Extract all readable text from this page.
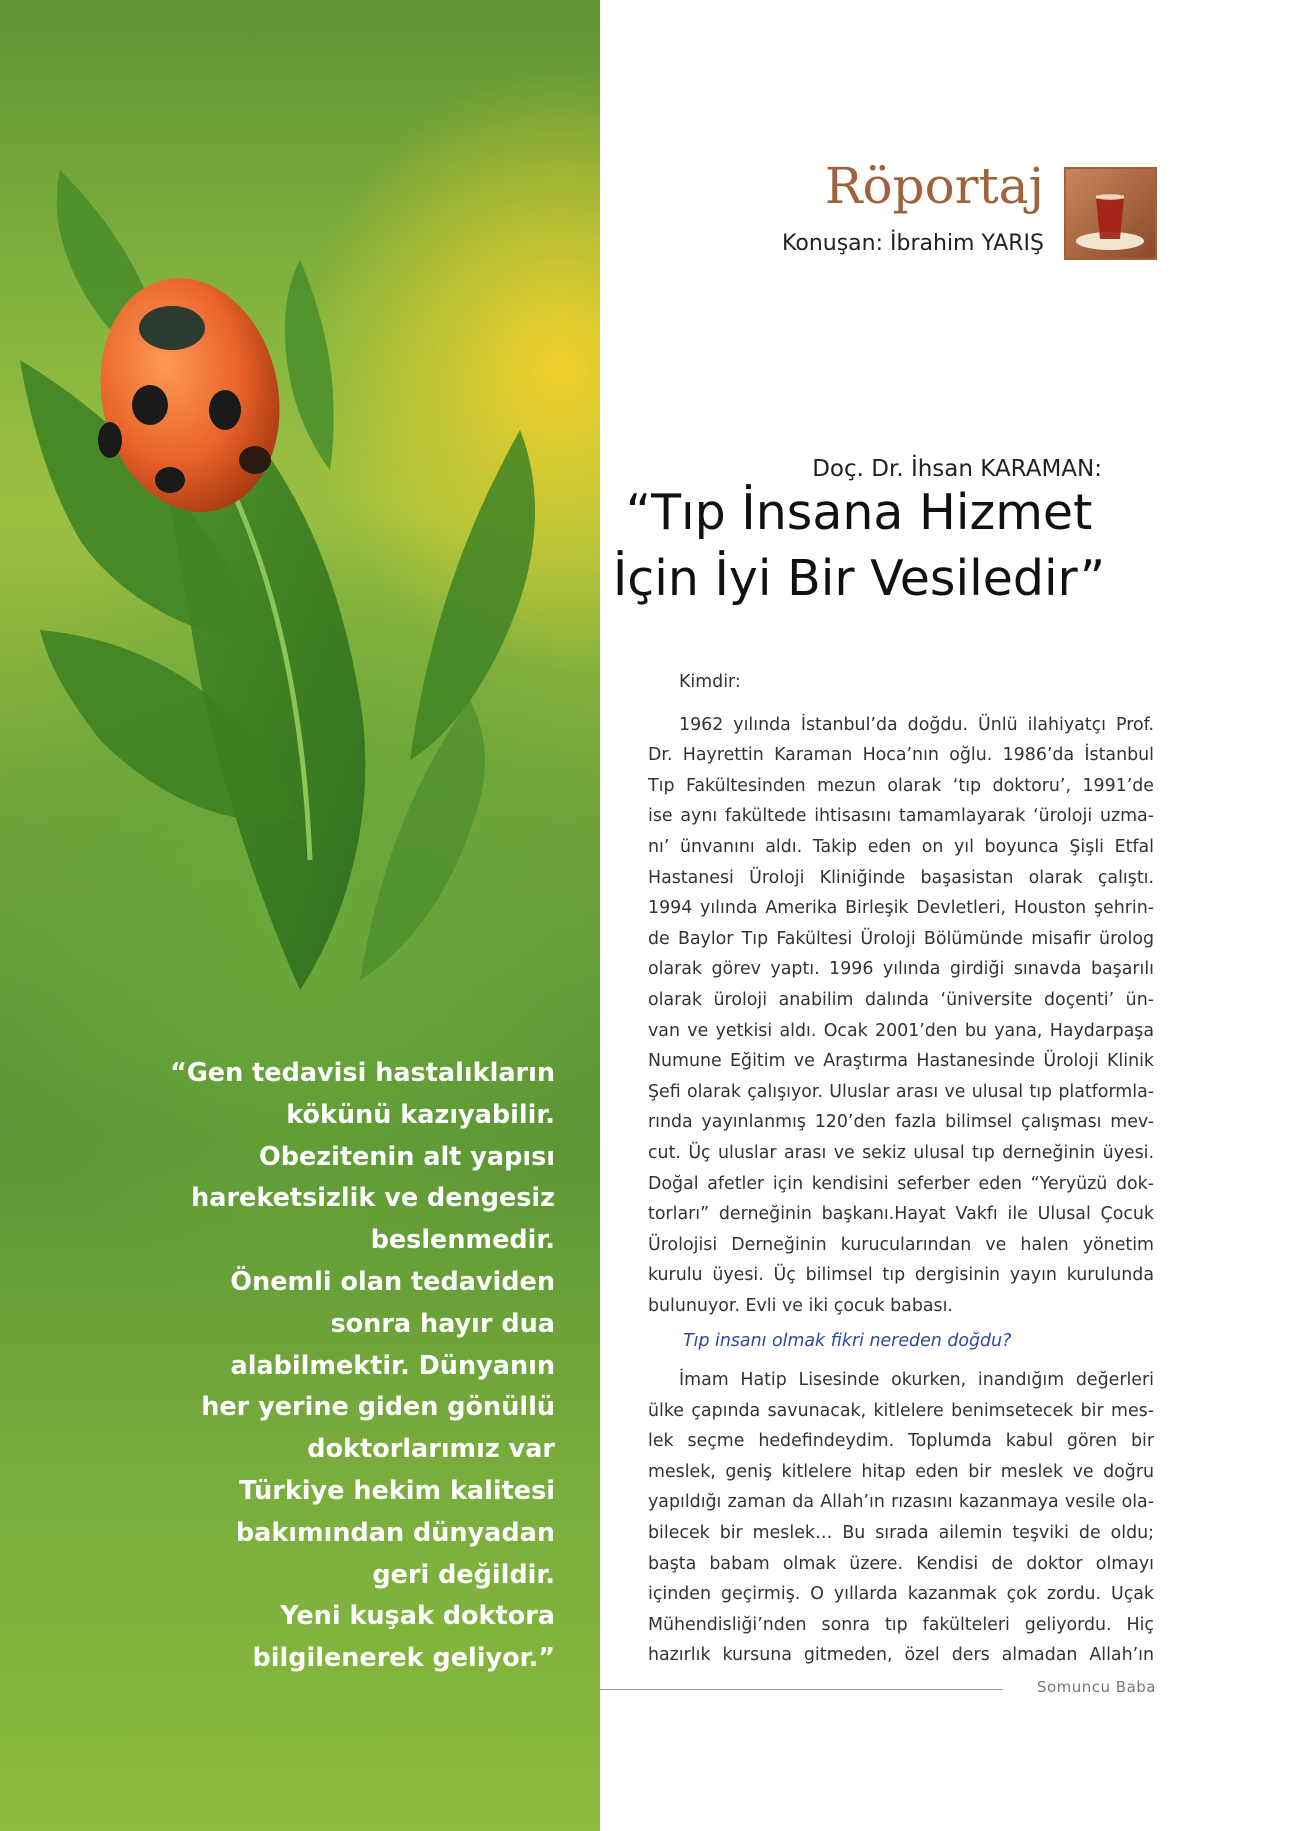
“Gen tedavisi hastalıkların
kökünü kazıyabilir.
Obezitenin alt yapısı
hareketsizlik ve dengesiz
beslenmedir.
Önemli olan tedaviden
sonra hayır dua
alabilmektir. Dünyanın
her yerine giden gönüllü
doktorlarımız var
Türkiye hekim kalitesi
bakımından dünyadan
geri değildir.
Yeni kuşak doktora
bilgilenerek geliyor.”
Röportaj
Konuşan: İbrahim YARIŞ
Doç. Dr. İhsan KARAMAN:
“Tıp İnsana Hizmet
İçin İyi Bir Vesiledir”
Kimdir:

1962 yılında İstanbul’da doğdu. Ünlü ilahiyatçı Prof.

Dr. Hayrettin Karaman Hoca’nın oğlu. 1986’da İstanbul

Tıp Fakültesinden mezun olarak ‘tıp doktoru’, 1991’de

ise aynı fakültede ihtisasını tamamlayarak ‘üroloji uzma-

nı’ ünvanını aldı. Takip eden on yıl boyunca Şişli Etfal

Hastanesi Üroloji Kliniğinde başasistan olarak çalıştı.

1994 yılında Amerika Birleşik Devletleri, Houston şehrin-

de Baylor Tıp Fakültesi Üroloji Bölümünde misafir ürolog

olarak görev yaptı. 1996 yılında girdiği sınavda başarılı

olarak üroloji anabilim dalında ‘üniversite doçenti’ ün-

van ve yetkisi aldı. Ocak 2001’den bu yana, Haydarpaşa

Numune Eğitim ve Araştırma Hastanesinde Üroloji Klinik

Şefi olarak çalışıyor. Uluslar arası ve ulusal tıp platformla-

rında yayınlanmış 120’den fazla bilimsel çalışması mev-

cut. Üç uluslar arası ve sekiz ulusal tıp derneğinin üyesi.

Doğal afetler için kendisini seferber eden “Yeryüzü dok-

torları” derneğinin başkanı.Hayat Vakfı ile Ulusal Çocuk

Ürolojisi Derneğinin kurucularından ve halen yönetim

kurulu üyesi. Üç bilimsel tıp dergisinin yayın kurulunda

bulunuyor. Evli ve iki çocuk babası.

Tıp insanı olmak fikri nereden doğdu?

İmam Hatip Lisesinde okurken, inandığım değerleri

ülke çapında savunacak, kitlelere benimsetecek bir mes-

lek seçme hedefindeydim. Toplumda kabul gören bir

meslek, geniş kitlelere hitap eden bir meslek ve doğru

yapıldığı zaman da Allah’ın rızasını kazanmaya vesile ola-

bilecek bir meslek… Bu sırada ailemin teşviki de oldu;

başta babam olmak üzere. Kendisi de doktor olmayı

içinden geçirmiş. O yıllarda kazanmak çok zordu. Uçak

Mühendisliği’nden sonra tıp fakülteleri geliyordu. Hiç

hazırlık kursuna gitmeden, özel ders almadan Allah’ın

Somuncu Baba
